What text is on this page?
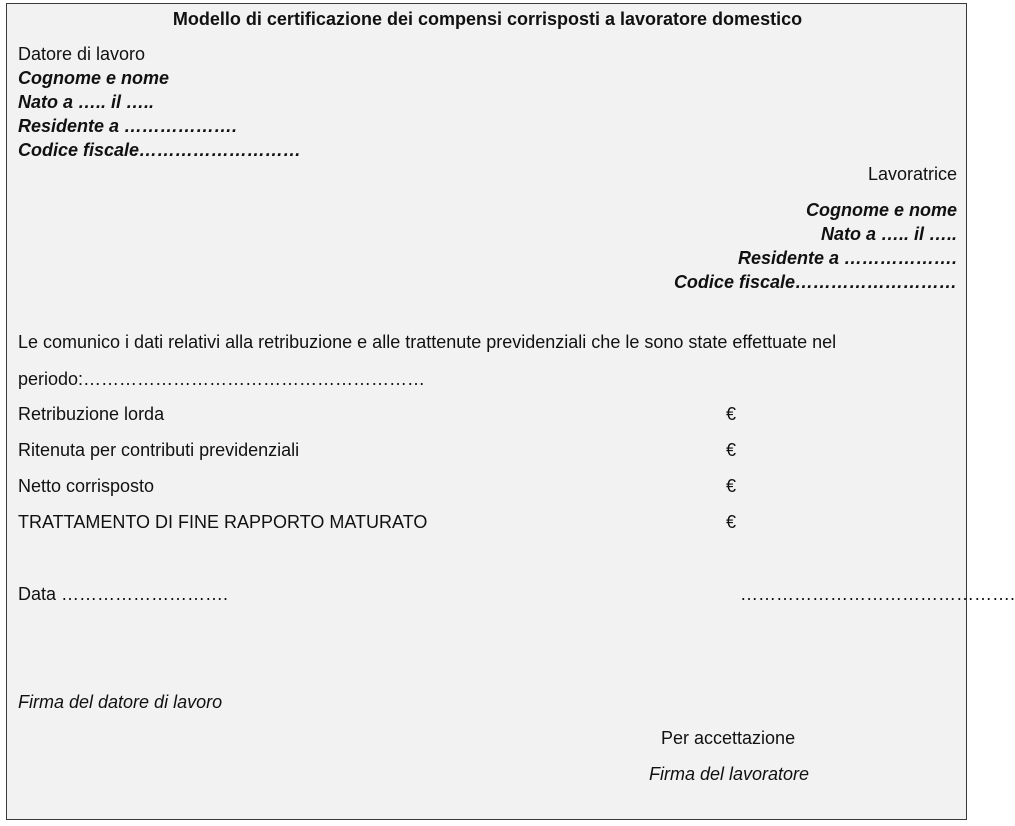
Modello di certificazione dei compensi corrisposti a lavoratore domestico
Datore di lavoro
Cognome e nome
Nato a ….. il …..
Residente a ……………….
Codice fiscale………………………
Lavoratrice
Cognome e nome
Nato a ….. il …..
Residente a ……………….
Codice fiscale………………………
Le comunico i dati relativi alla retribuzione e alle trattenute previdenziali che le sono state effettuate nel
periodo:…………………………………………………
Retribuzione lorda	€
Ritenuta per contributi previdenziali	€
Netto corrisposto	€
TRATTAMENTO DI FINE RAPPORTO MATURATO	€
Data ……………………….	……………………………………….
Firma del datore di lavoro
Per accettazione
Firma del lavoratore
